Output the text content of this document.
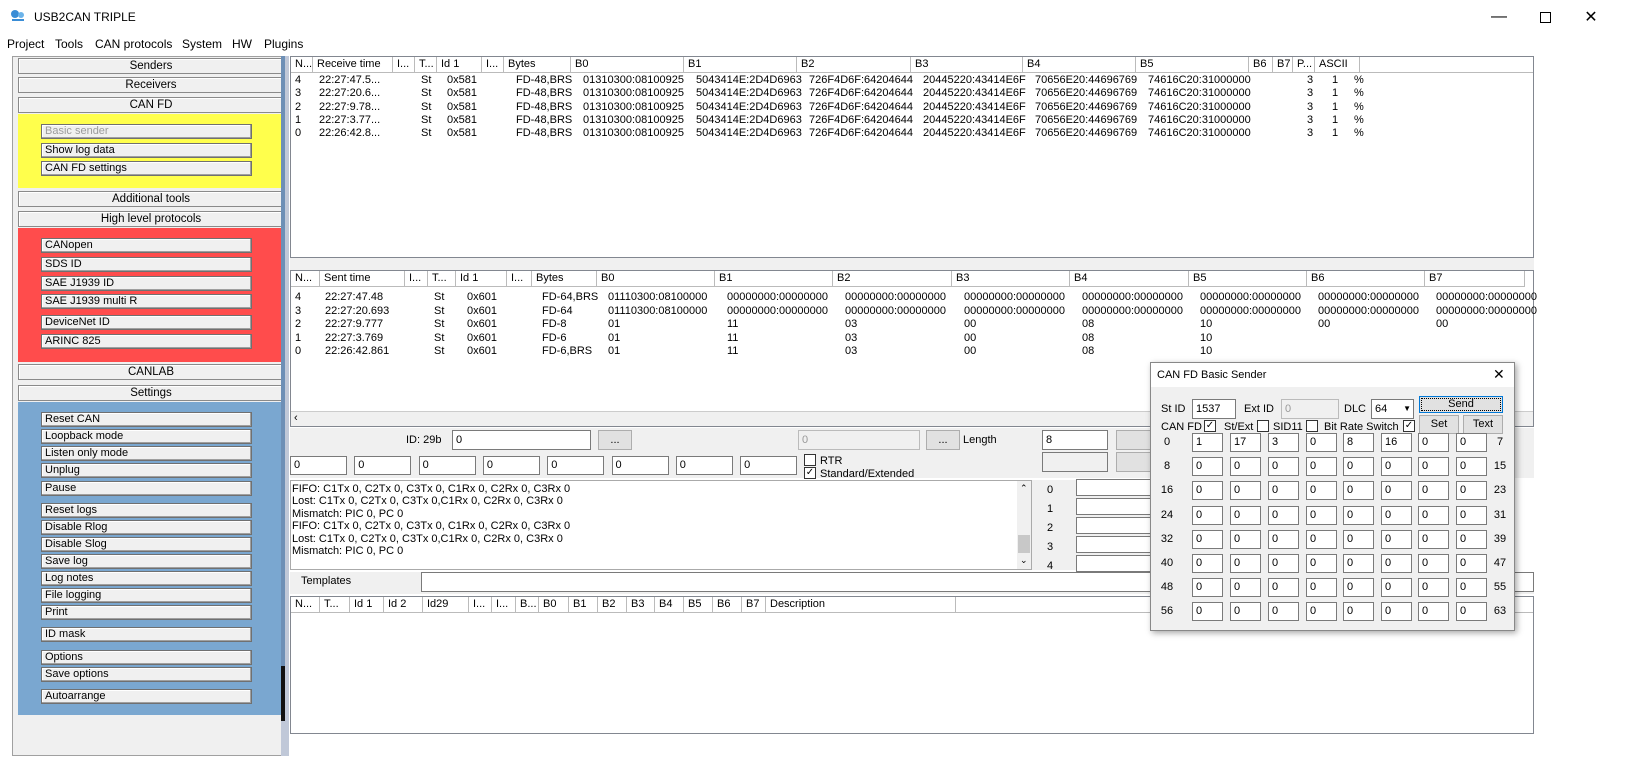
USB2CAN TRIPLE	—	✕
Project Tools CAN protocols System HW Plugins
Senders
Receivers
CAN FD
Basic sender
Show log data
CAN FD settings
Additional tools
High level protocols
CANopen
SDS ID
SAE J1939 ID
SAE J1939 multi R
DeviceNet ID
ARINC 825
CANLAB
Settings
Reset CAN
Loopback mode
Listen only mode
Unplug
Pause
Reset logs
Disable Rlog
Disable Slog
Save log
Log notes
File logging
Print
ID mask
Options
Save options
Autoarrange
N... Receive time	I... T... Id 1	I... Bytes	B0	B1	B2	B3	B4	B5	B6 B7 P... ASCII
4 22:27:47.5...	St 0x581	FD-48,BRS 01310300:08100925 5043414E:2D4D6963 726F4D6F:64204644 20445220:43414E6F 70656E20:44696769 74616C20:31000000	3 1 %
3 22:27:20.6...	St 0x581	FD-48,BRS 01310300:08100925 5043414E:2D4D6963 726F4D6F:64204644 20445220:43414E6F 70656E20:44696769 74616C20:31000000	3 1 %
2 22:27:9.78...	St 0x581	FD-48,BRS 01310300:08100925 5043414E:2D4D6963 726F4D6F:64204644 20445220:43414E6F 70656E20:44696769 74616C20:31000000	3 1 %
1 22:27:3.77...	St 0x581	FD-48,BRS 01310300:08100925 5043414E:2D4D6963 726F4D6F:64204644 20445220:43414E6F 70656E20:44696769 74616C20:31000000	3 1 %
0 22:26:42.8...	St 0x581	FD-48,BRS 01310300:08100925 5043414E:2D4D6963 726F4D6F:64204644 20445220:43414E6F 70656E20:44696769 74616C20:31000000	3 1 %
N...	Sent time	I... T...	Id 1	I...	Bytes	B0	B1	B2	B3	B4	B5	B6	B7
4 22:27:47.48	St 0x601	FD-64,BRS 01110300:08100000 00000000:00000000 00000000:00000000 00000000:00000000 00000000:00000000 00000000:00000000 00000000:00000000 00000000:00000000
3 22:27:20.693	St 0x601	FD-64	01110300:08100000 00000000:00000000 00000000:00000000 00000000:00000000 00000000:00000000 00000000:00000000 00000000:00000000 00000000:00000000
2 22:27:9.777	St 0x601	FD-8	01	11	03	00	08	10	00	00
1 22:27:3.769	St 0x601	FD-6	01	11	03	00	08	10
0 22:26:42.861	St 0x601	FD-6,BRS 01	11	03	00	08	10
‹
ID: 29b	0	...	0	...	Length	8
0	0	0	0	0	0	0	0	RTR
✓ Standard/Extended
FIFO: C1Tx 0, C2Tx 0, C3Tx 0, C1Rx 0, C2Rx 0, C3Rx 0
Lost: C1Tx 0, C2Tx 0, C3Tx 0,C1Rx 0, C2Rx 0, C3Rx 0
Mismatch: PIC 0, PC 0
FIFO: C1Tx 0, C2Tx 0, C3Tx 0, C1Rx 0, C2Rx 0, C3Rx 0
Lost: C1Tx 0, C2Tx 0, C3Tx 0,C1Rx 0, C2Rx 0, C3Rx 0
Mismatch: PIC 0, PC 0
⌃
⌄
0
1
2
3
4
Templates
N...	T...	Id 1	Id 2	Id29	I... I...	B... B0	B1	B2	B3	B4	B5	B6	B7 Description
CAN FD Basic Sender	✕
St ID 1537	Ext ID	0	DLC 64 ▼	Send
CAN FD ✓ St/Ext SID11 Bit Rate Switch ✓	Set	Text
0	1	17	3	0	8	16	0	0	7
8	0	0	0	0	0	0	0	0	15
16	0	0	0	0	0	0	0	0	23
24	0	0	0	0	0	0	0	0	31
32	0	0	0	0	0	0	0	0	39
40	0	0	0	0	0	0	0	0	47
48	0	0	0	0	0	0	0	0	55
56	0	0	0	0	0	0	0	0	63
